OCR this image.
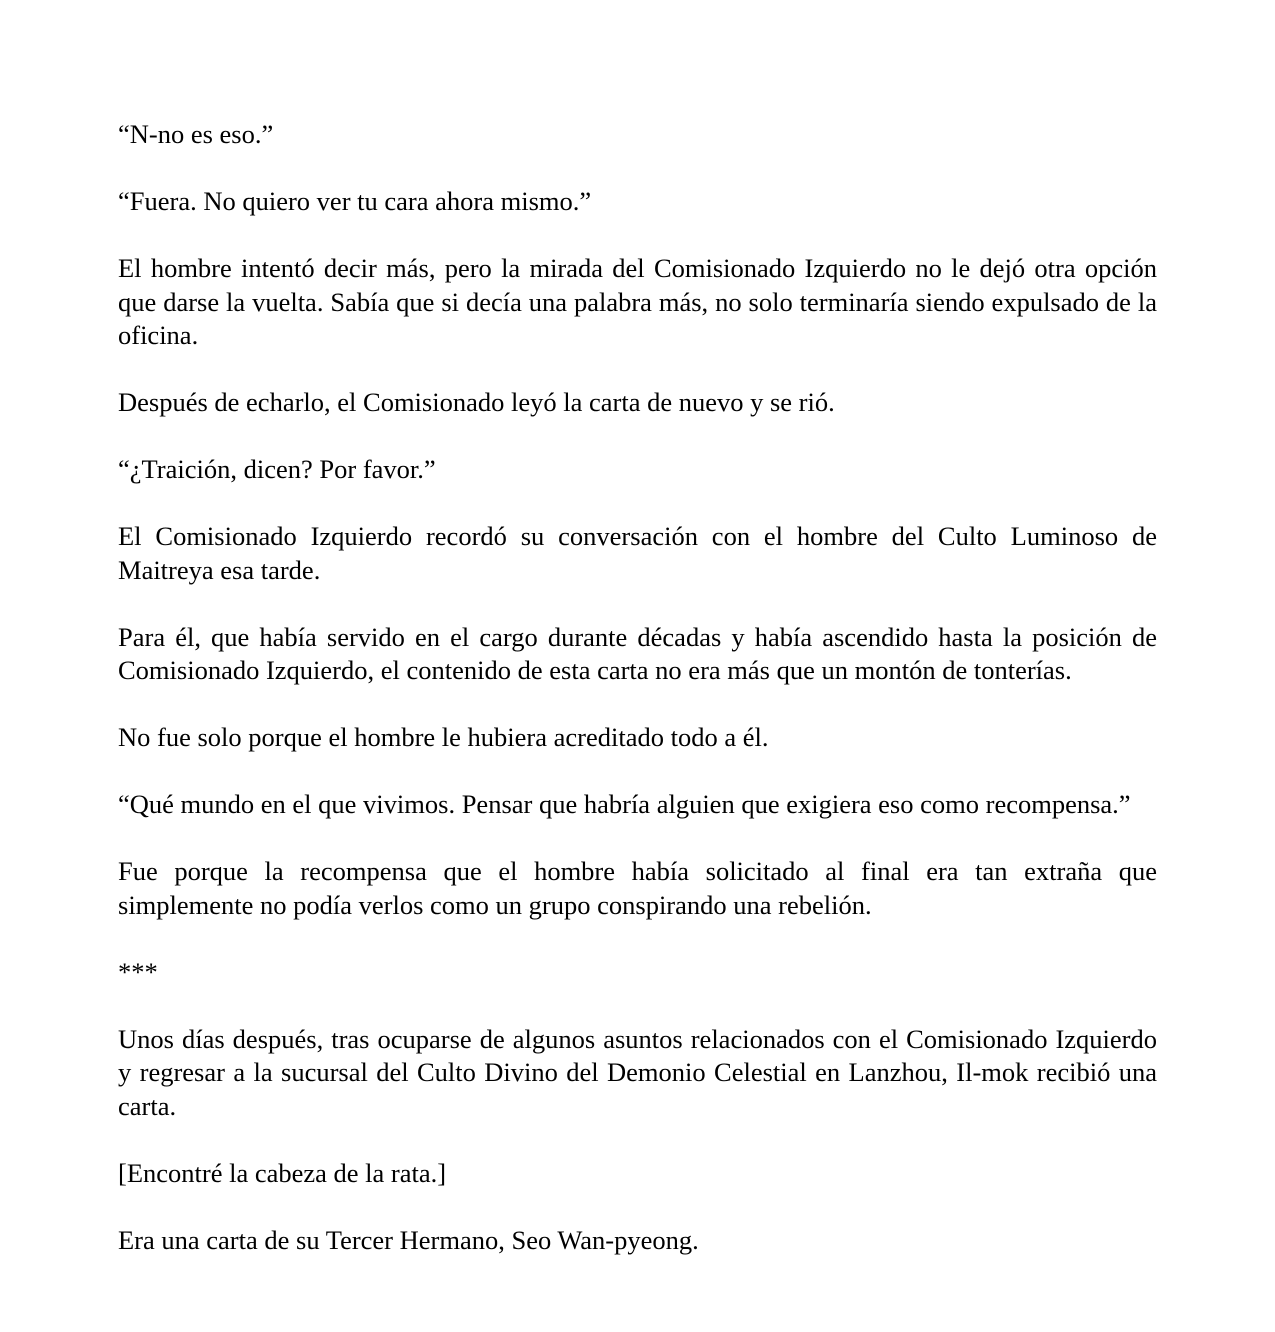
“N-no es eso.”

“Fuera. No quiero ver tu cara ahora mismo.”

El hombre intentó decir más, pero la mirada del Comisionado Izquierdo no le dejó otra opción que darse la vuelta. Sabía que si decía una palabra más, no solo terminaría siendo expulsado de la oficina.

Después de echarlo, el Comisionado leyó la carta de nuevo y se rió.

“¿Traición, dicen? Por favor.”

El Comisionado Izquierdo recordó su conversación con el hombre del Culto Luminoso de Maitreya esa tarde.

Para él, que había servido en el cargo durante décadas y había ascendido hasta la posición de Comisionado Izquierdo, el contenido de esta carta no era más que un montón de tonterías.

No fue solo porque el hombre le hubiera acreditado todo a él.

“Qué mundo en el que vivimos. Pensar que habría alguien que exigiera eso como recompensa.”

Fue porque la recompensa que el hombre había solicitado al final era tan extraña que simplemente no podía verlos como un grupo conspirando una rebelión.

***

Unos días después, tras ocuparse de algunos asuntos relacionados con el Comisionado Izquierdo y regresar a la sucursal del Culto Divino del Demonio Celestial en Lanzhou, Il-mok recibió una carta.

[Encontré la cabeza de la rata.]

Era una carta de su Tercer Hermano, Seo Wan-pyeong.
